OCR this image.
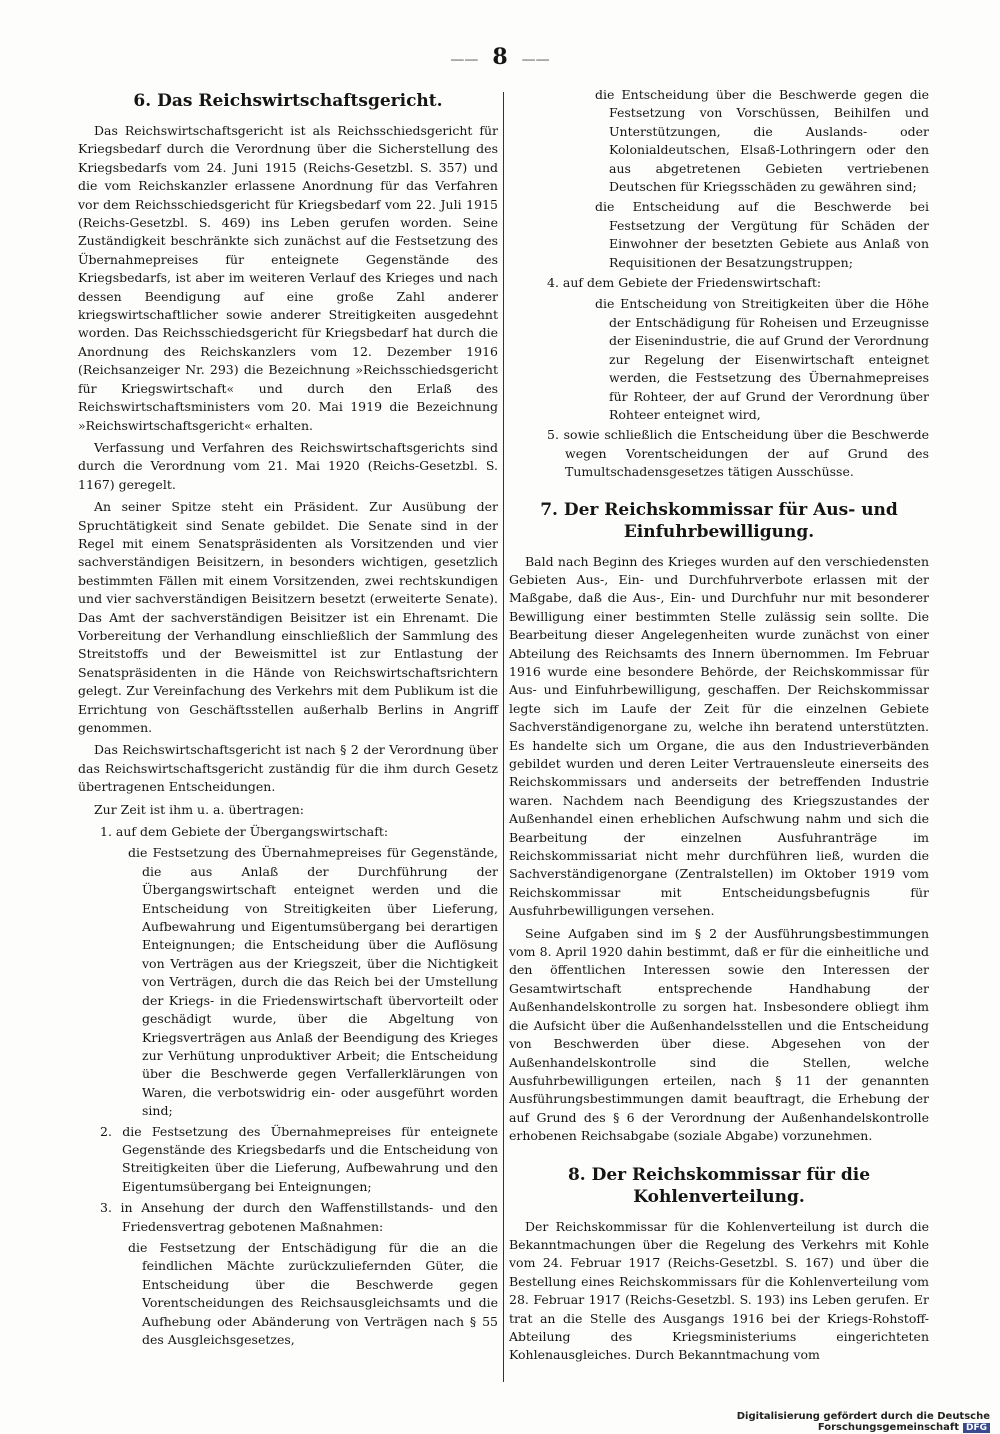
—— 8 ——
6. Das Reichswirtschaftsgericht.

Das Reichswirtschaftsgericht ist als Reichsschiedsgericht für Kriegsbedarf durch die Verordnung über die Sicherstellung des Kriegsbedarfs vom 24. Juni 1915 (Reichs-Gesetzbl. S. 357) und die vom Reichskanzler erlassene Anordnung für das Verfahren vor dem Reichsschiedsgericht für Kriegsbedarf vom 22. Juli 1915 (Reichs-Gesetzbl. S. 469) ins Leben gerufen worden. Seine Zuständigkeit beschränkte sich zunächst auf die Festsetzung des Übernahmepreises für enteignete Gegenstände des Kriegsbedarfs, ist aber im weiteren Verlauf des Krieges und nach dessen Beendigung auf eine große Zahl anderer kriegswirtschaftlicher sowie anderer Streitigkeiten ausgedehnt worden. Das Reichsschiedsgericht für Kriegsbedarf hat durch die Anordnung des Reichskanzlers vom 12. Dezember 1916 (Reichsanzeiger Nr. 293) die Bezeichnung »Reichsschiedsgericht für Kriegswirtschaft« und durch den Erlaß des Reichswirtschaftsministers vom 20. Mai 1919 die Bezeichnung »Reichswirtschaftsgericht« erhalten.

Verfassung und Verfahren des Reichswirtschaftsgerichts sind durch die Verordnung vom 21. Mai 1920 (Reichs-Gesetzbl. S. 1167) geregelt.

An seiner Spitze steht ein Präsident. Zur Ausübung der Spruchtätigkeit sind Senate gebildet. Die Senate sind in der Regel mit einem Senatspräsidenten als Vorsitzenden und vier sachverständigen Beisitzern, in besonders wichtigen, gesetzlich bestimmten Fällen mit einem Vorsitzenden, zwei rechtskundigen und vier sachverständigen Beisitzern besetzt (erweiterte Senate). Das Amt der sachverständigen Beisitzer ist ein Ehrenamt. Die Vorbereitung der Verhandlung einschließlich der Sammlung des Streitstoffs und der Beweismittel ist zur Entlastung der Senatspräsidenten in die Hände von Reichswirtschaftsrichtern gelegt. Zur Vereinfachung des Verkehrs mit dem Publikum ist die Errichtung von Geschäftsstellen außerhalb Berlins in Angriff genommen.

Das Reichswirtschaftsgericht ist nach § 2 der Verordnung über das Reichswirtschaftsgericht zuständig für die ihm durch Gesetz übertragenen Entscheidungen.

Zur Zeit ist ihm u. a. übertragen:

1. auf dem Gebiete der Übergangswirtschaft:
die Festsetzung des Übernahmepreises für Gegenstände, die aus Anlaß der Durchführung der Übergangswirtschaft enteignet werden und die Entscheidung von Streitigkeiten über Lieferung, Aufbewahrung und Eigentumsübergang bei derartigen Enteignungen; die Entscheidung über die Auflösung von Verträgen aus der Kriegszeit, über die Nichtigkeit von Verträgen, durch die das Reich bei der Umstellung der Kriegs- in die Friedenswirtschaft übervorteilt oder geschädigt wurde, über die Abgeltung von Kriegsverträgen aus Anlaß der Beendigung des Krieges zur Verhütung unproduktiver Arbeit; die Entscheidung über die Beschwerde gegen Verfallerklärungen von Waren, die verbotswidrig ein- oder ausgeführt worden sind;
2. die Festsetzung des Übernahmepreises für enteignete Gegenstände des Kriegsbedarfs und die Entscheidung von Streitigkeiten über die Lieferung, Aufbewahrung und den Eigentumsübergang bei Enteignungen;
3. in Ansehung der durch den Waffenstillstands- und den Friedensvertrag gebotenen Maßnahmen:
die Festsetzung der Entschädigung für die an die feindlichen Mächte zurückzuliefernden Güter, die Entscheidung über die Beschwerde gegen Vorentscheidungen des Reichsausgleichsamts und die Aufhebung oder Abänderung von Verträgen nach § 55 des Ausgleichsgesetzes,
die Entscheidung über die Beschwerde gegen die Festsetzung von Vorschüssen, Beihilfen und Unterstützungen, die Auslands- oder Kolonialdeutschen, Elsaß-Lothringern oder den aus abgetretenen Gebieten vertriebenen Deutschen für Kriegsschäden zu gewähren sind;
die Entscheidung auf die Beschwerde bei Festsetzung der Vergütung für Schäden der Einwohner der besetzten Gebiete aus Anlaß von Requisitionen der Besatzungstruppen;
4. auf dem Gebiete der Friedenswirtschaft:
die Entscheidung von Streitigkeiten über die Höhe der Entschädigung für Roheisen und Erzeugnisse der Eisenindustrie, die auf Grund der Verordnung zur Regelung der Eisenwirtschaft enteignet werden, die Festsetzung des Übernahmepreises für Rohteer, der auf Grund der Verordnung über Rohteer enteignet wird,
5. sowie schließlich die Entscheidung über die Beschwerde wegen Vorentscheidungen der auf Grund des Tumultschadensgesetzes tätigen Ausschüsse.
7. Der Reichskommissar für Aus- und Einfuhrbewilligung.

Bald nach Beginn des Krieges wurden auf den verschiedensten Gebieten Aus-, Ein- und Durchfuhrverbote erlassen mit der Maßgabe, daß die Aus-, Ein- und Durchfuhr nur mit besonderer Bewilligung einer bestimmten Stelle zulässig sein sollte. Die Bearbeitung dieser Angelegenheiten wurde zunächst von einer Abteilung des Reichsamts des Innern übernommen. Im Februar 1916 wurde eine besondere Behörde, der Reichskommissar für Aus- und Einfuhrbewilligung, geschaffen. Der Reichskommissar legte sich im Laufe der Zeit für die einzelnen Gebiete Sachverständigenorgane zu, welche ihn beratend unterstützten. Es handelte sich um Organe, die aus den Industrieverbänden gebildet wurden und deren Leiter Vertrauensleute einerseits des Reichskommissars und anderseits der betreffenden Industrie waren. Nachdem nach Beendigung des Kriegszustandes der Außenhandel einen erheblichen Aufschwung nahm und sich die Bearbeitung der einzelnen Ausfuhranträge im Reichskommissariat nicht mehr durchführen ließ, wurden die Sachverständigenorgane (Zentralstellen) im Oktober 1919 vom Reichskommissar mit Entscheidungsbefugnis für Ausfuhrbewilligungen versehen.

Seine Aufgaben sind im § 2 der Ausführungsbestimmungen vom 8. April 1920 dahin bestimmt, daß er für die einheitliche und den öffentlichen Interessen sowie den Interessen der Gesamtwirtschaft entsprechende Handhabung der Außenhandelskontrolle zu sorgen hat. Insbesondere obliegt ihm die Aufsicht über die Außenhandelsstellen und die Entscheidung von Beschwerden über diese. Abgesehen von der Außenhandelskontrolle sind die Stellen, welche Ausfuhrbewilligungen erteilen, nach § 11 der genannten Ausführungsbestimmungen damit beauftragt, die Erhebung der auf Grund des § 6 der Verordnung der Außenhandelskontrolle erhobenen Reichsabgabe (soziale Abgabe) vorzunehmen.

8. Der Reichskommissar für die Kohlenverteilung.

Der Reichskommissar für die Kohlenverteilung ist durch die Bekanntmachungen über die Regelung des Verkehrs mit Kohle vom 24. Februar 1917 (Reichs-Gesetzbl. S. 167) und über die Bestellung eines Reichskommissars für die Kohlenverteilung vom 28. Februar 1917 (Reichs-Gesetzbl. S. 193) ins Leben gerufen. Er trat an die Stelle des Ausgangs 1916 bei der Kriegs-Rohstoff-Abteilung des Kriegsministeriums eingerichteten Kohlenausgleiches. Durch Bekanntmachung vom

Digitalisierung gefördert durch die Deutsche Forschungsgemeinschaft DFG
